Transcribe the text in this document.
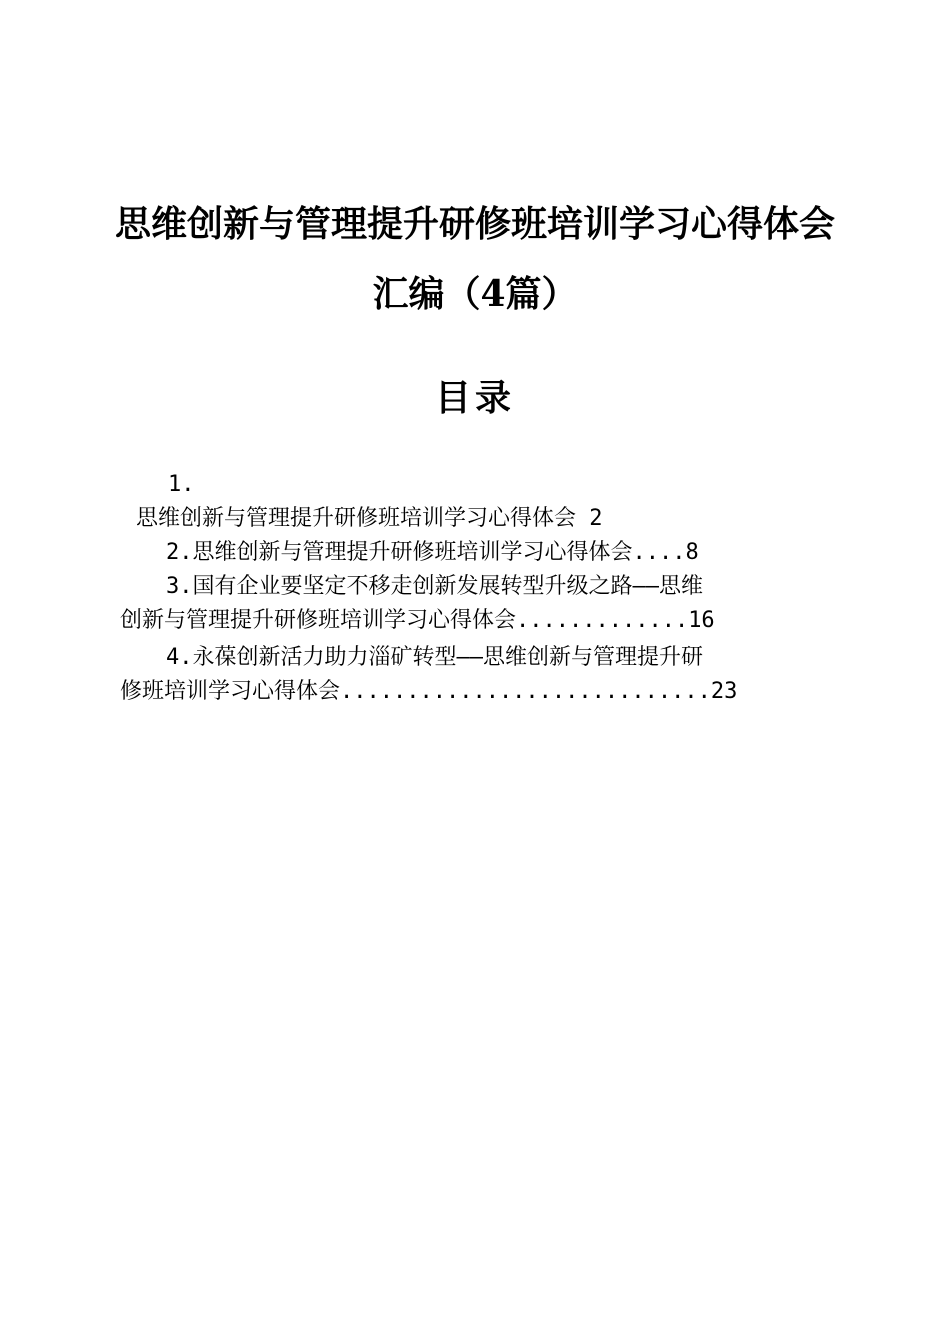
思维创新与管理提升研修班培训学习心得体会
汇编（4篇）
目录
1.
思维创新与管理提升研修班培训学习心得体会 2
2.思维创新与管理提升研修班培训学习心得体会....8
3.国有企业要坚定不移走创新发展转型升级之路——思维
创新与管理提升研修班培训学习心得体会.............16
4.永葆创新活力助力淄矿转型——思维创新与管理提升研
修班培训学习心得体会............................23
